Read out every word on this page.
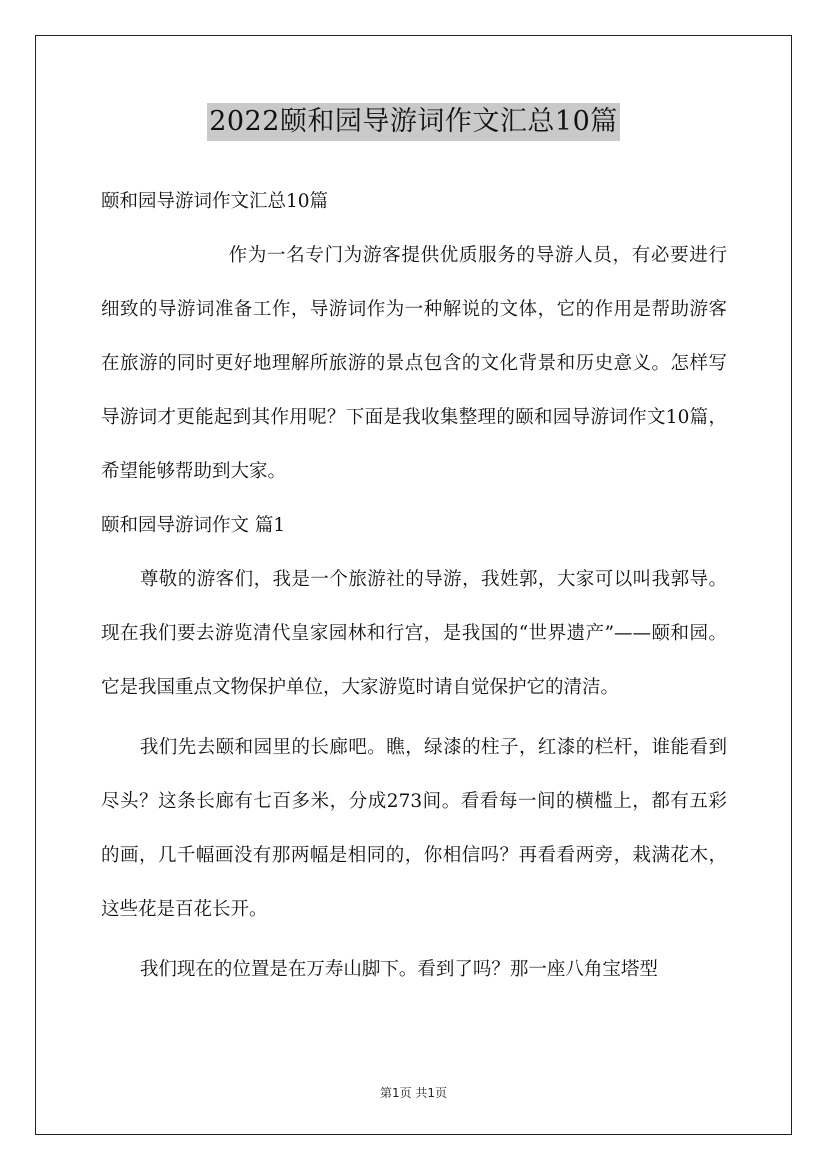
2022颐和园导游词作文汇总10篇

颐和园导游词作文汇总10篇

作为一名专门为游客提供优质服务的导游人员，有必要进行细致的导游词准备工作，导游词作为一种解说的文体，它的作用是帮助游客在旅游的同时更好地理解所旅游的景点包含的文化背景和历史意义。怎样写导游词才更能起到其作用呢？下面是我收集整理的颐和园导游词作文10篇，希望能够帮助到大家。

颐和园导游词作文 篇1

尊敬的游客们，我是一个旅游社的导游，我姓郭，大家可以叫我郭导。现在我们要去游览清代皇家园林和行宫，是我国的“世界遗产”——颐和园。它是我国重点文物保护单位，大家游览时请自觉保护它的清洁。

我们先去颐和园里的长廊吧。瞧，绿漆的柱子，红漆的栏杆，谁能看到尽头？这条长廊有七百多米，分成273间。看看每一间的横槛上，都有五彩的画，几千幅画没有那两幅是相同的，你相信吗？再看看两旁，栽满花木，这些花是百花长开。

我们现在的位置是在万寿山脚下。看到了吗？那一座八角宝塔型

第1页 共1页
